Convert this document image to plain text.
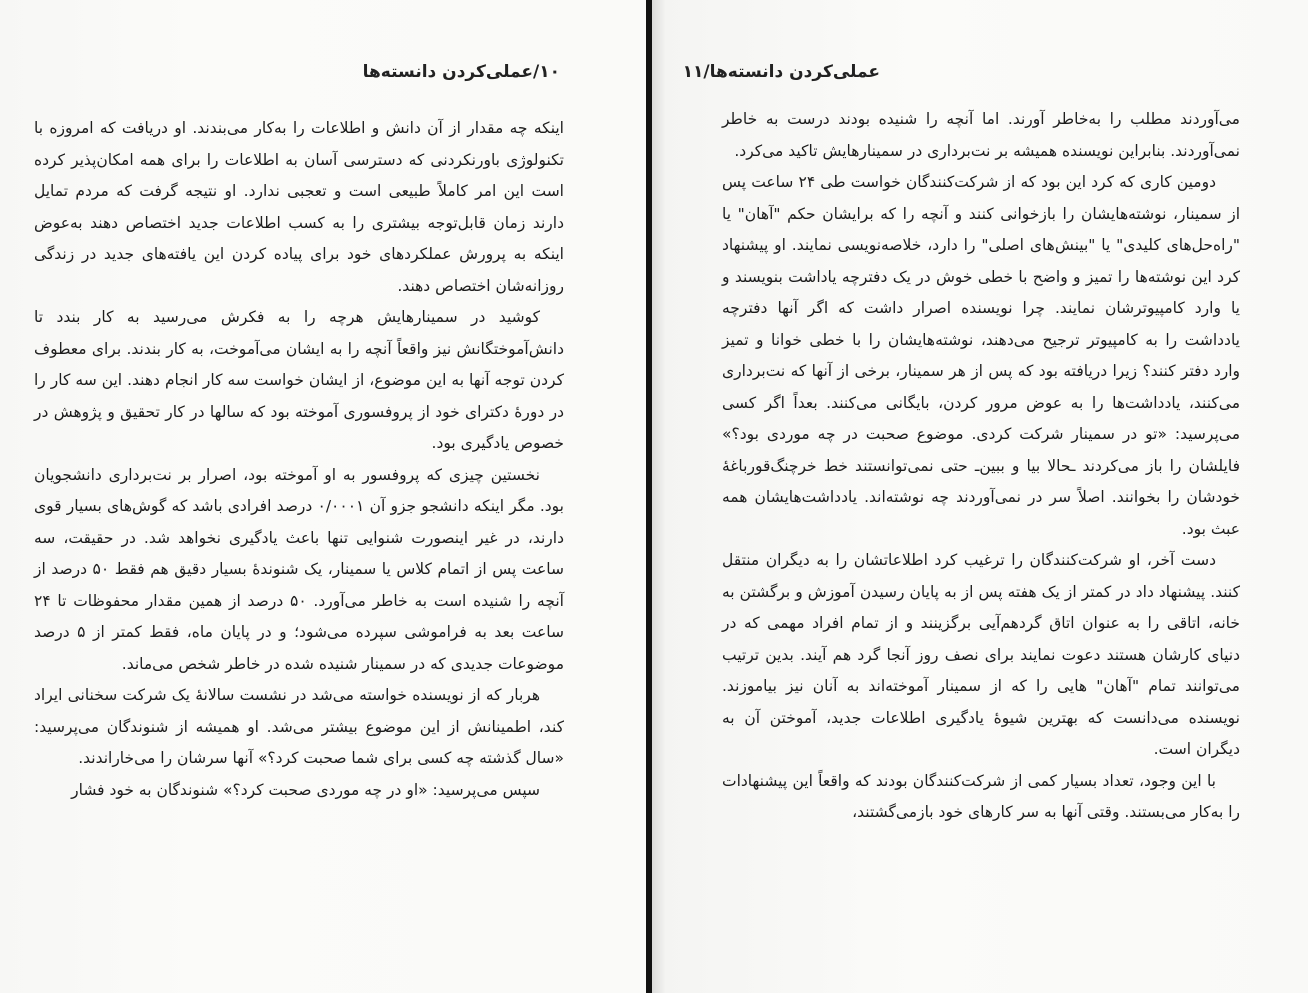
۱۰/عملی‌کردن دانسته‌ها

اینکه چه مقدار از آن دانش و اطلاعات را به‌کار می‌بندند. او دریافت که امروزه با تکنولوژی باورنکردنی که دسترسی آسان به اطلاعات را برای همه امکان‌پذیر کرده است این امر کاملاً طبیعی است و تعجبی ندارد. او نتیجه گرفت که مردم تمایل دارند زمان قابل‌توجه بیشتری را به کسب اطلاعات جدید اختصاص دهند به‌عوض اینکه به پرورش عملکردهای خود برای پیاده کردن این یافته‌های جدید در زندگی روزانه‌شان اختصاص دهند.

کوشید در سمینارهایش هرچه را به فکرش می‌رسید به کار بندد تا دانش‌آموختگانش نیز واقعاً آنچه را به ایشان می‌آموخت، به کار بندند. برای معطوف کردن توجه آنها به این موضوع، از ایشان خواست سه کار انجام دهند. این سه کار را در دورهٔ دکترای خود از پروفسوری آموخته بود که سالها در کار تحقیق و پژوهش در خصوص یادگیری بود.

نخستین چیزی که پروفسور به او آموخته بود، اصرار بر نت‌برداری دانشجویان بود. مگر اینکه دانشجو جزو آن ۰/۰۰۰۱ درصد افرادی باشد که گوش‌های بسیار قوی دارند، در غیر اینصورت شنوایی تنها باعث یادگیری نخواهد شد. در حقیقت، سه ساعت پس از اتمام کلاس یا سمینار، یک شنوندهٔ بسیار دقیق هم فقط ۵۰ درصد از آنچه را شنیده است به خاطر می‌آورد. ۵۰ درصد از همین مقدار محفوظات تا ۲۴ ساعت بعد به فراموشی سپرده می‌شود؛ و در پایان ماه، فقط کمتر از ۵ درصد موضوعات جدیدی که در سمینار شنیده شده در خاطر شخص می‌ماند.

هربار که از نویسنده خواسته می‌شد در نشست سالانهٔ یک شرکت سخنانی ایراد کند، اطمینانش از این موضوع بیشتر می‌شد. او همیشه از شنوندگان می‌پرسید: «سال گذشته چه کسی برای شما صحبت کرد؟» آنها سرشان را می‌خاراندند.

سپس می‌پرسید: «او در چه موردی صحبت کرد؟» شنوندگان به خود فشار

عملی‌کردن دانسته‌ها/۱۱

می‌آوردند مطلب را به‌خاطر آورند. اما آنچه را شنیده بودند درست به خاطر نمی‌آوردند. بنابراین نویسنده همیشه بر نت‌برداری در سمینارهایش تاکید می‌کرد.

دومین کاری که کرد این بود که از شرکت‌کنندگان خواست طی ۲۴ ساعت پس از سمینار، نوشته‌هایشان را بازخوانی کنند و آنچه را که برایشان حکم "آهان" یا "راه‌حل‌های کلیدی" یا "بینش‌های اصلی" را دارد، خلاصه‌نویسی نمایند. او پیشنهاد کرد این نوشته‌ها را تمیز و واضح با خطی خوش در یک دفترچه یاداشت بنویسند و یا وارد کامپیوترشان نمایند. چرا نویسنده اصرار داشت که اگر آنها دفترچه یادداشت را به کامپیوتر ترجیح می‌دهند، نوشته‌هایشان را با خطی خوانا و تمیز وارد دفتر کنند؟ زیرا دریافته بود که پس از هر سمینار، برخی از آنها که نت‌برداری می‌کنند، یادداشت‌ها را به عوض مرور کردن، بایگانی می‌کنند. بعداً اگر کسی می‌پرسید: «تو در سمینار شرکت کردی. موضوع صحبت در چه موردی بود؟» فایلشان را باز می‌کردند ـحالا بیا و ببین‌ـ حتی نمی‌توانستند خط خرچنگ‌قورباغهٔ خودشان را بخوانند. اصلاً سر در نمی‌آوردند چه نوشته‌اند. یادداشت‌هایشان همه عبث بود.

دست آخر، او شرکت‌کنندگان را ترغیب کرد اطلاعاتشان را به دیگران منتقل کنند. پیشنهاد داد در کمتر از یک هفته پس از به پایان رسیدن آموزش و برگشتن به خانه، اتاقی را به عنوان اتاق گردهم‌آیی برگزینند و از تمام افراد مهمی که در دنیای کارشان هستند دعوت نمایند برای نصف روز آنجا گرد هم آیند. بدین ترتیب می‌توانند تمام "آهان" هایی را که از سمینار آموخته‌اند به آنان نیز بیاموزند. نویسنده می‌دانست که بهترین شیوهٔ یادگیری اطلاعات جدید، آموختن آن به دیگران است.

با این وجود، تعداد بسیار کمی از شرکت‌کنندگان بودند که واقعاً این پیشنهادات را به‌کار می‌بستند. وقتی آنها به سر کارهای خود بازمی‌گشتند،
